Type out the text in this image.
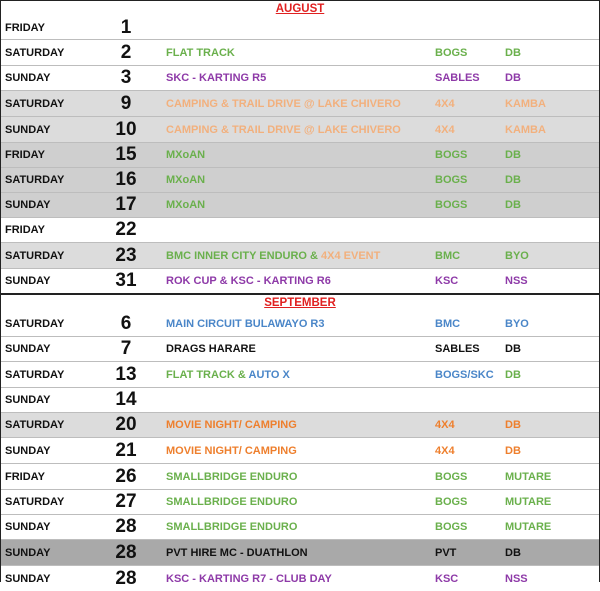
AUGUST
FRIDAY	1
SATURDAY	2	FLAT TRACK	BOGS	DB
SUNDAY	3	SKC - KARTING R5	SABLES	DB
SATURDAY	9	CAMPING & TRAIL DRIVE @ LAKE CHIVERO	4X4	KAMBA
SUNDAY	10	CAMPING & TRAIL DRIVE @ LAKE CHIVERO	4X4	KAMBA
FRIDAY	15	MXoAN	BOGS	DB
SATURDAY	16	MXoAN	BOGS	DB
SUNDAY	17	MXoAN	BOGS	DB
FRIDAY	22
SATURDAY	23	BMC INNER CITY ENDURO & 4X4 EVENT	BMC	BYO
SUNDAY	31	ROK CUP & KSC - KARTING R6	KSC	NSS
SEPTEMBER
SATURDAY	6	MAIN CIRCUIT BULAWAYO R3	BMC	BYO
SUNDAY	7	DRAGS HARARE	SABLES	DB
SATURDAY	13	FLAT TRACK & AUTO X	BOGS/SKC	DB
SUNDAY	14
SATURDAY	20	MOVIE NIGHT/ CAMPING	4X4	DB
SUNDAY	21	MOVIE NIGHT/ CAMPING	4X4	DB
FRIDAY	26	SMALLBRIDGE ENDURO	BOGS	MUTARE
SATURDAY	27	SMALLBRIDGE ENDURO	BOGS	MUTARE
SUNDAY	28	SMALLBRIDGE ENDURO	BOGS	MUTARE
SUNDAY	28	PVT HIRE MC - DUATHLON	PVT	DB
SUNDAY	28	KSC - KARTING R7 - CLUB DAY	KSC	NSS
